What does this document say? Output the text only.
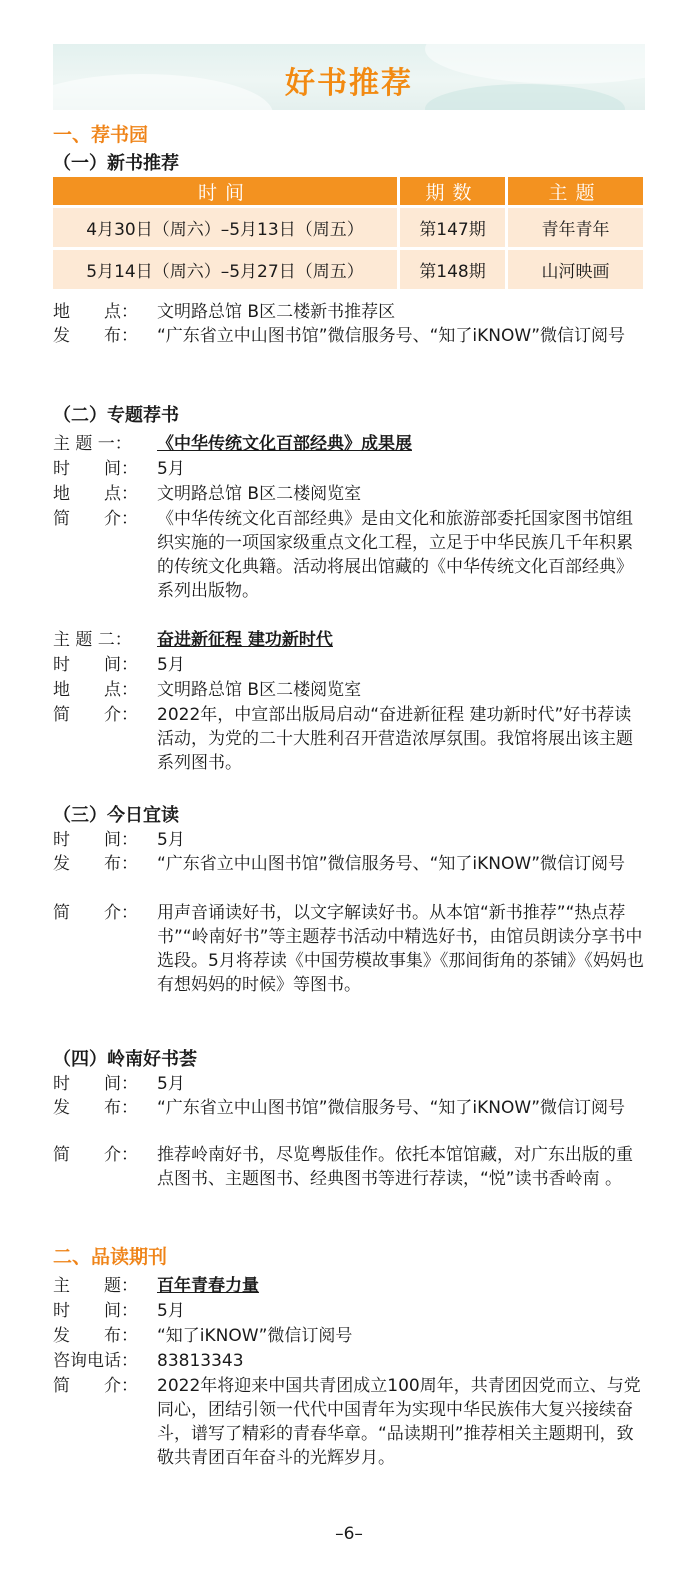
好书推荐
一、荐书园
（一）新书推荐
时间	期数	主题
4月30日（周六）–5月13日（周五）	第147期	青年青年
5月14日（周六）–5月27日（周五）	第148期	山河映画
地　　点：	文明路总馆 B区二楼新书推荐区
发　　布：	“广东省立中山图书馆”微信服务号、“知了iKNOW”微信订阅号
（二）专题荐书
主 题 一：	《中华传统文化百部经典》成果展
时　　间：	5月
地　　点：	文明路总馆 B区二楼阅览室
简　　介：	《中华传统文化百部经典》是由文化和旅游部委托国家图书馆组织实施的一项国家级重点文化工程，立足于中华民族几千年积累的传统文化典籍。活动将展出馆藏的《中华传统文化百部经典》系列出版物。
主 题 二：	奋进新征程 建功新时代
时　　间：	5月
地　　点：	文明路总馆 B区二楼阅览室
简　　介：	2022年，中宣部出版局启动“奋进新征程 建功新时代”好书荐读活动，为党的二十大胜利召开营造浓厚氛围。我馆将展出该主题系列图书。
（三）今日宜读
时　　间：	5月
发　　布：	“广东省立中山图书馆”微信服务号、“知了iKNOW”微信订阅号
简　　介：	用声音诵读好书，以文字解读好书。从本馆“新书推荐”“热点荐书”“岭南好书”等主题荐书活动中精选好书，由馆员朗读分享书中选段。5月将荐读《中国劳模故事集》《那间街角的茶铺》《妈妈也有想妈妈的时候》等图书。
（四）岭南好书荟
时　　间：	5月
发　　布：	“广东省立中山图书馆”微信服务号、“知了iKNOW”微信订阅号
简　　介：	推荐岭南好书，尽览粤版佳作。依托本馆馆藏，对广东出版的重点图书、主题图书、经典图书等进行荐读，“悦”读书香岭南 。
二、品读期刊
主　　题：	百年青春力量
时　　间：	5月
发　　布：	“知了iKNOW”微信订阅号
咨询电话：	83813343
简　　介：	2022年将迎来中国共青团成立100周年，共青团因党而立、与党同心，团结引领一代代中国青年为实现中华民族伟大复兴接续奋斗，谱写了精彩的青春华章。“品读期刊”推荐相关主题期刊，致敬共青团百年奋斗的光辉岁月。
–6–
